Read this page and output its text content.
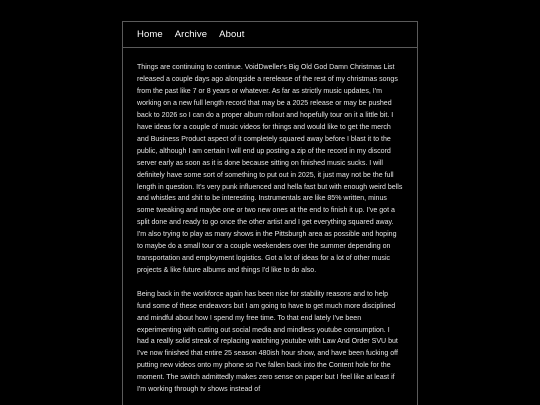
Home Archive About

Things are continuing to continue. VoidDweller's Big Old God Damn Christmas List released a couple days ago alongside a rerelease of the rest of my christmas songs from the past like 7 or 8 years or whatever. As far as strictly music updates, I'm working on a new full length record that may be a 2025 release or may be pushed back to 2026 so I can do a proper album rollout and hopefully tour on it a little bit. I have ideas for a couple of music videos for things and would like to get the merch and Business Product aspect of it completely squared away before I blast it to the public, although I am certain I will end up posting a zip of the record in my discord server early as soon as it is done because sitting on finished music sucks. I will definitely have some sort of something to put out in 2025, it just may not be the full length in question. It's very punk influenced and hella fast but with enough weird bells and whistles and shit to be interesting. Instrumentals are like 85% written, minus some tweaking and maybe one or two new ones at the end to finish it up. I've got a split done and ready to go once the other artist and I get everything squared away. I'm also trying to play as many shows in the Pittsburgh area as possible and hoping to maybe do a small tour or a couple weekenders over the summer depending on transportation and employment logistics. Got a lot of ideas for a lot of other music projects & like future albums and things I'd like to do also.

Being back in the workforce again has been nice for stability reasons and to help fund some of these endeavors but I am going to have to get much more disciplined and mindful about how I spend my free time. To that end lately I've been experimenting with cutting out social media and mindless youtube consumption. I had a really solid streak of replacing watching youtube with Law And Order SVU but I've now finished that entire 25 season 480ish hour show, and have been fucking off putting new videos onto my phone so I've fallen back into the Content hole for the moment. The switch admittedly makes zero sense on paper but I feel like at least if I'm working through tv shows instead of
